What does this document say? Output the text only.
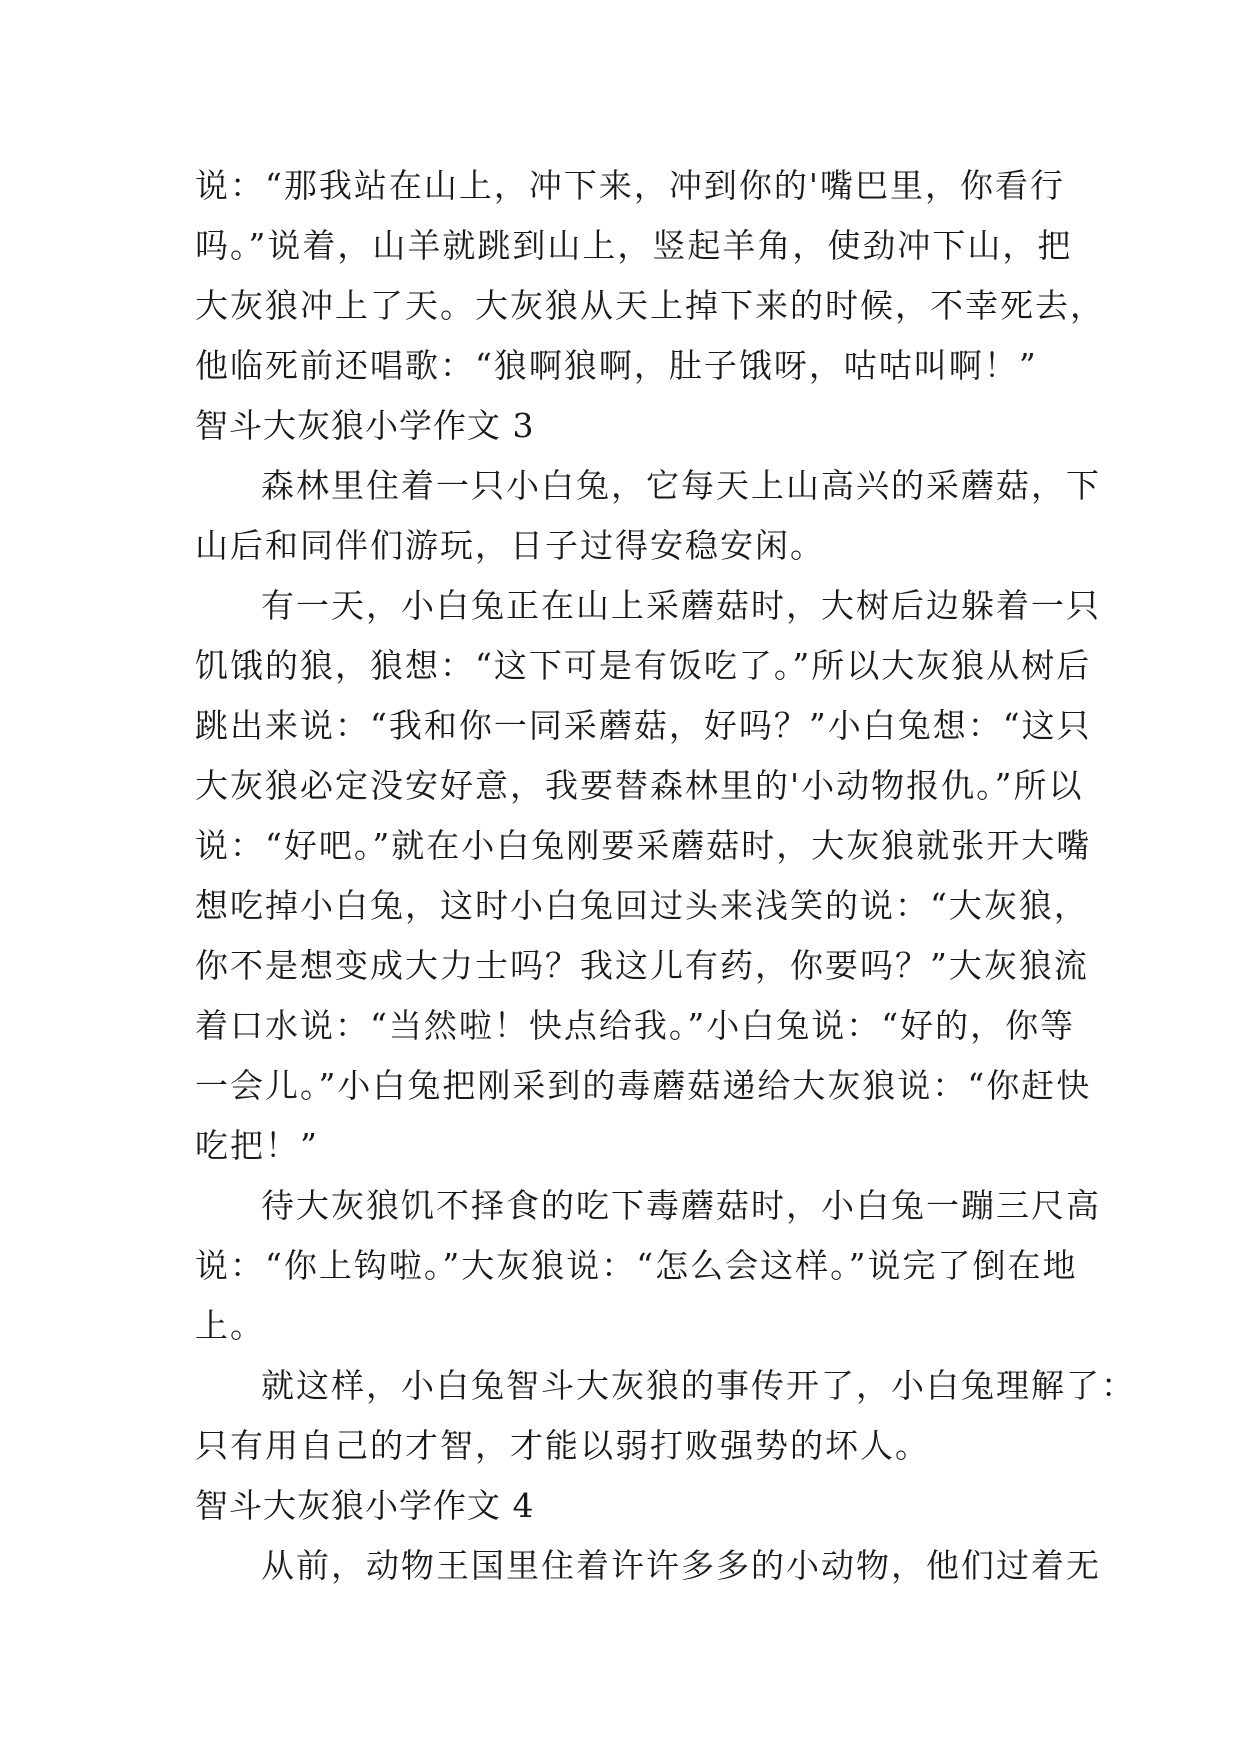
说：“那我站在山上，冲下来，冲到你的'嘴巴里，你看行
吗。”说着，山羊就跳到山上，竖起羊角，使劲冲下山，把
大灰狼冲上了天。大灰狼从天上掉下来的时候，不幸死去，
他临死前还唱歌：“狼啊狼啊，肚子饿呀，咕咕叫啊！”
智斗大灰狼小学作文 3
森林里住着一只小白兔，它每天上山高兴的采蘑菇，下
山后和同伴们游玩，日子过得安稳安闲。
有一天，小白兔正在山上采蘑菇时，大树后边躲着一只
饥饿的狼，狼想：“这下可是有饭吃了。”所以大灰狼从树后
跳出来说：“我和你一同采蘑菇，好吗？”小白兔想：“这只
大灰狼必定没安好意，我要替森林里的'小动物报仇。”所以
说：“好吧。”就在小白兔刚要采蘑菇时，大灰狼就张开大嘴
想吃掉小白兔，这时小白兔回过头来浅笑的说：“大灰狼，
你不是想变成大力士吗？我这儿有药，你要吗？”大灰狼流
着口水说：“当然啦！快点给我。”小白兔说：“好的，你等
一会儿。”小白兔把刚采到的毒蘑菇递给大灰狼说：“你赶快
吃把！”
待大灰狼饥不择食的吃下毒蘑菇时，小白兔一蹦三尺高
说：“你上钩啦。”大灰狼说：“怎么会这样。”说完了倒在地
上。
就这样，小白兔智斗大灰狼的事传开了，小白兔理解了：
只有用自己的才智，才能以弱打败强势的坏人。
智斗大灰狼小学作文 4
从前，动物王国里住着许许多多的小动物，他们过着无
